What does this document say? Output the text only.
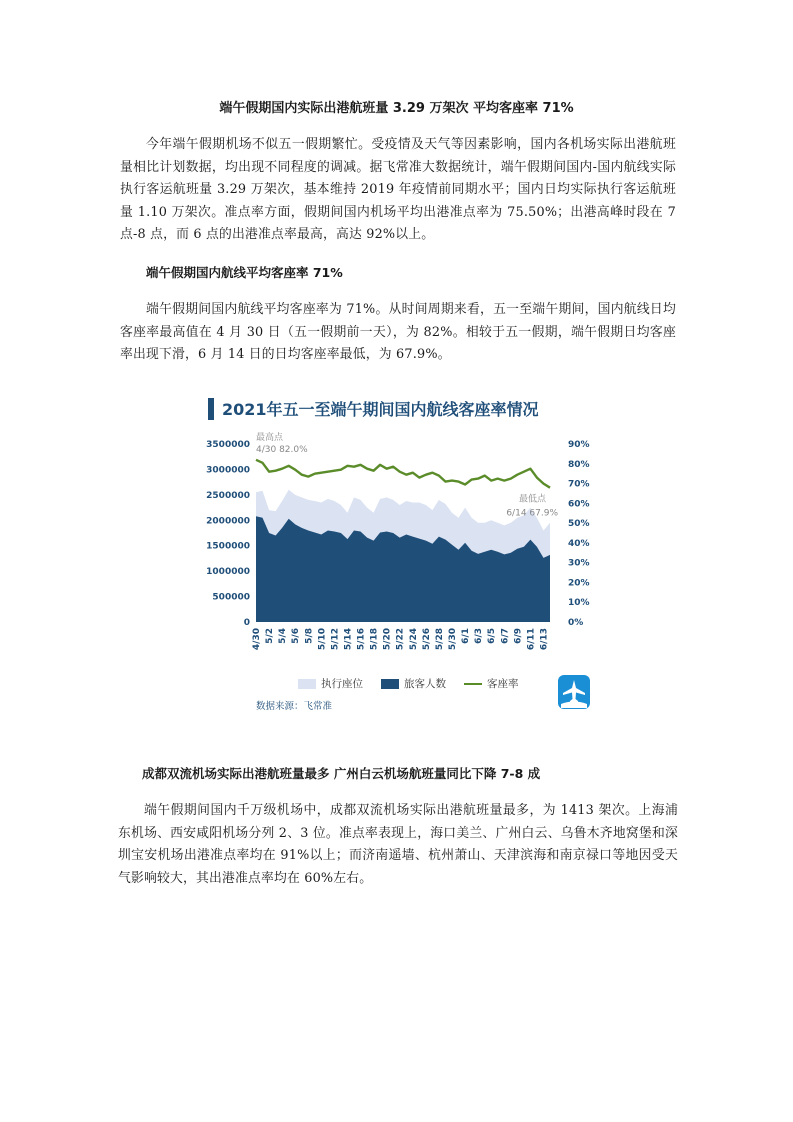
端午假期国内实际出港航班量 3.29 万架次 平均客座率 71%

今年端午假期机场不似五一假期繁忙。受疫情及天气等因素影响，国内各机场实际出港航班量相比计划数据，均出现不同程度的调减。据飞常准大数据统计，端午假期间国内-国内航线实际执行客运航班量 3.29 万架次，基本维持 2019 年疫情前同期水平；国内日均实际执行客运航班量 1.10 万架次。准点率方面，假期间国内机场平均出港准点率为 75.50%；出港高峰时段在 7 点-8 点，而 6 点的出港准点率最高，高达 92%以上。

端午假期国内航线平均客座率 71%

端午假期间国内航线平均客座率为 71%。从时间周期来看，五一至端午期间，国内航线日均客座率最高值在 4 月 30 日（五一假期前一天），为 82%。相较于五一假期，端午假期日均客座率出现下滑，6 月 14 日的日均客座率最低，为 67.9%。

2021年五一至端午期间国内航线客座率情况
0
500000
1000000
1500000
2000000
2500000
3000000
3500000
0%
10%
20%
30%
40%
50%
60%
70%
80%
90%
4/30 5/2 5/4 5/6 5/8 5/10 5/12 5/14 5/16 5/18 5/20 5/22 5/24 5/26 5/28 5/30 6/1 6/3 6/5 6/7 6/9 6/11 6/13
最高点
4/30 82.0%
最低点
6/14 67.9%
执行座位	旅客人数	客座率
数据来源：飞常准
成都双流机场实际出港航班量最多 广州白云机场航班量同比下降 7-8 成

端午假期间国内千万级机场中，成都双流机场实际出港航班量最多，为 1413 架次。上海浦东机场、西安咸阳机场分列 2、3 位。准点率表现上，海口美兰、广州白云、乌鲁木齐地窝堡和深圳宝安机场出港准点率均在 91%以上；而济南遥墙、杭州萧山、天津滨海和南京禄口等地因受天气影响较大，其出港准点率均在 60%左右。
